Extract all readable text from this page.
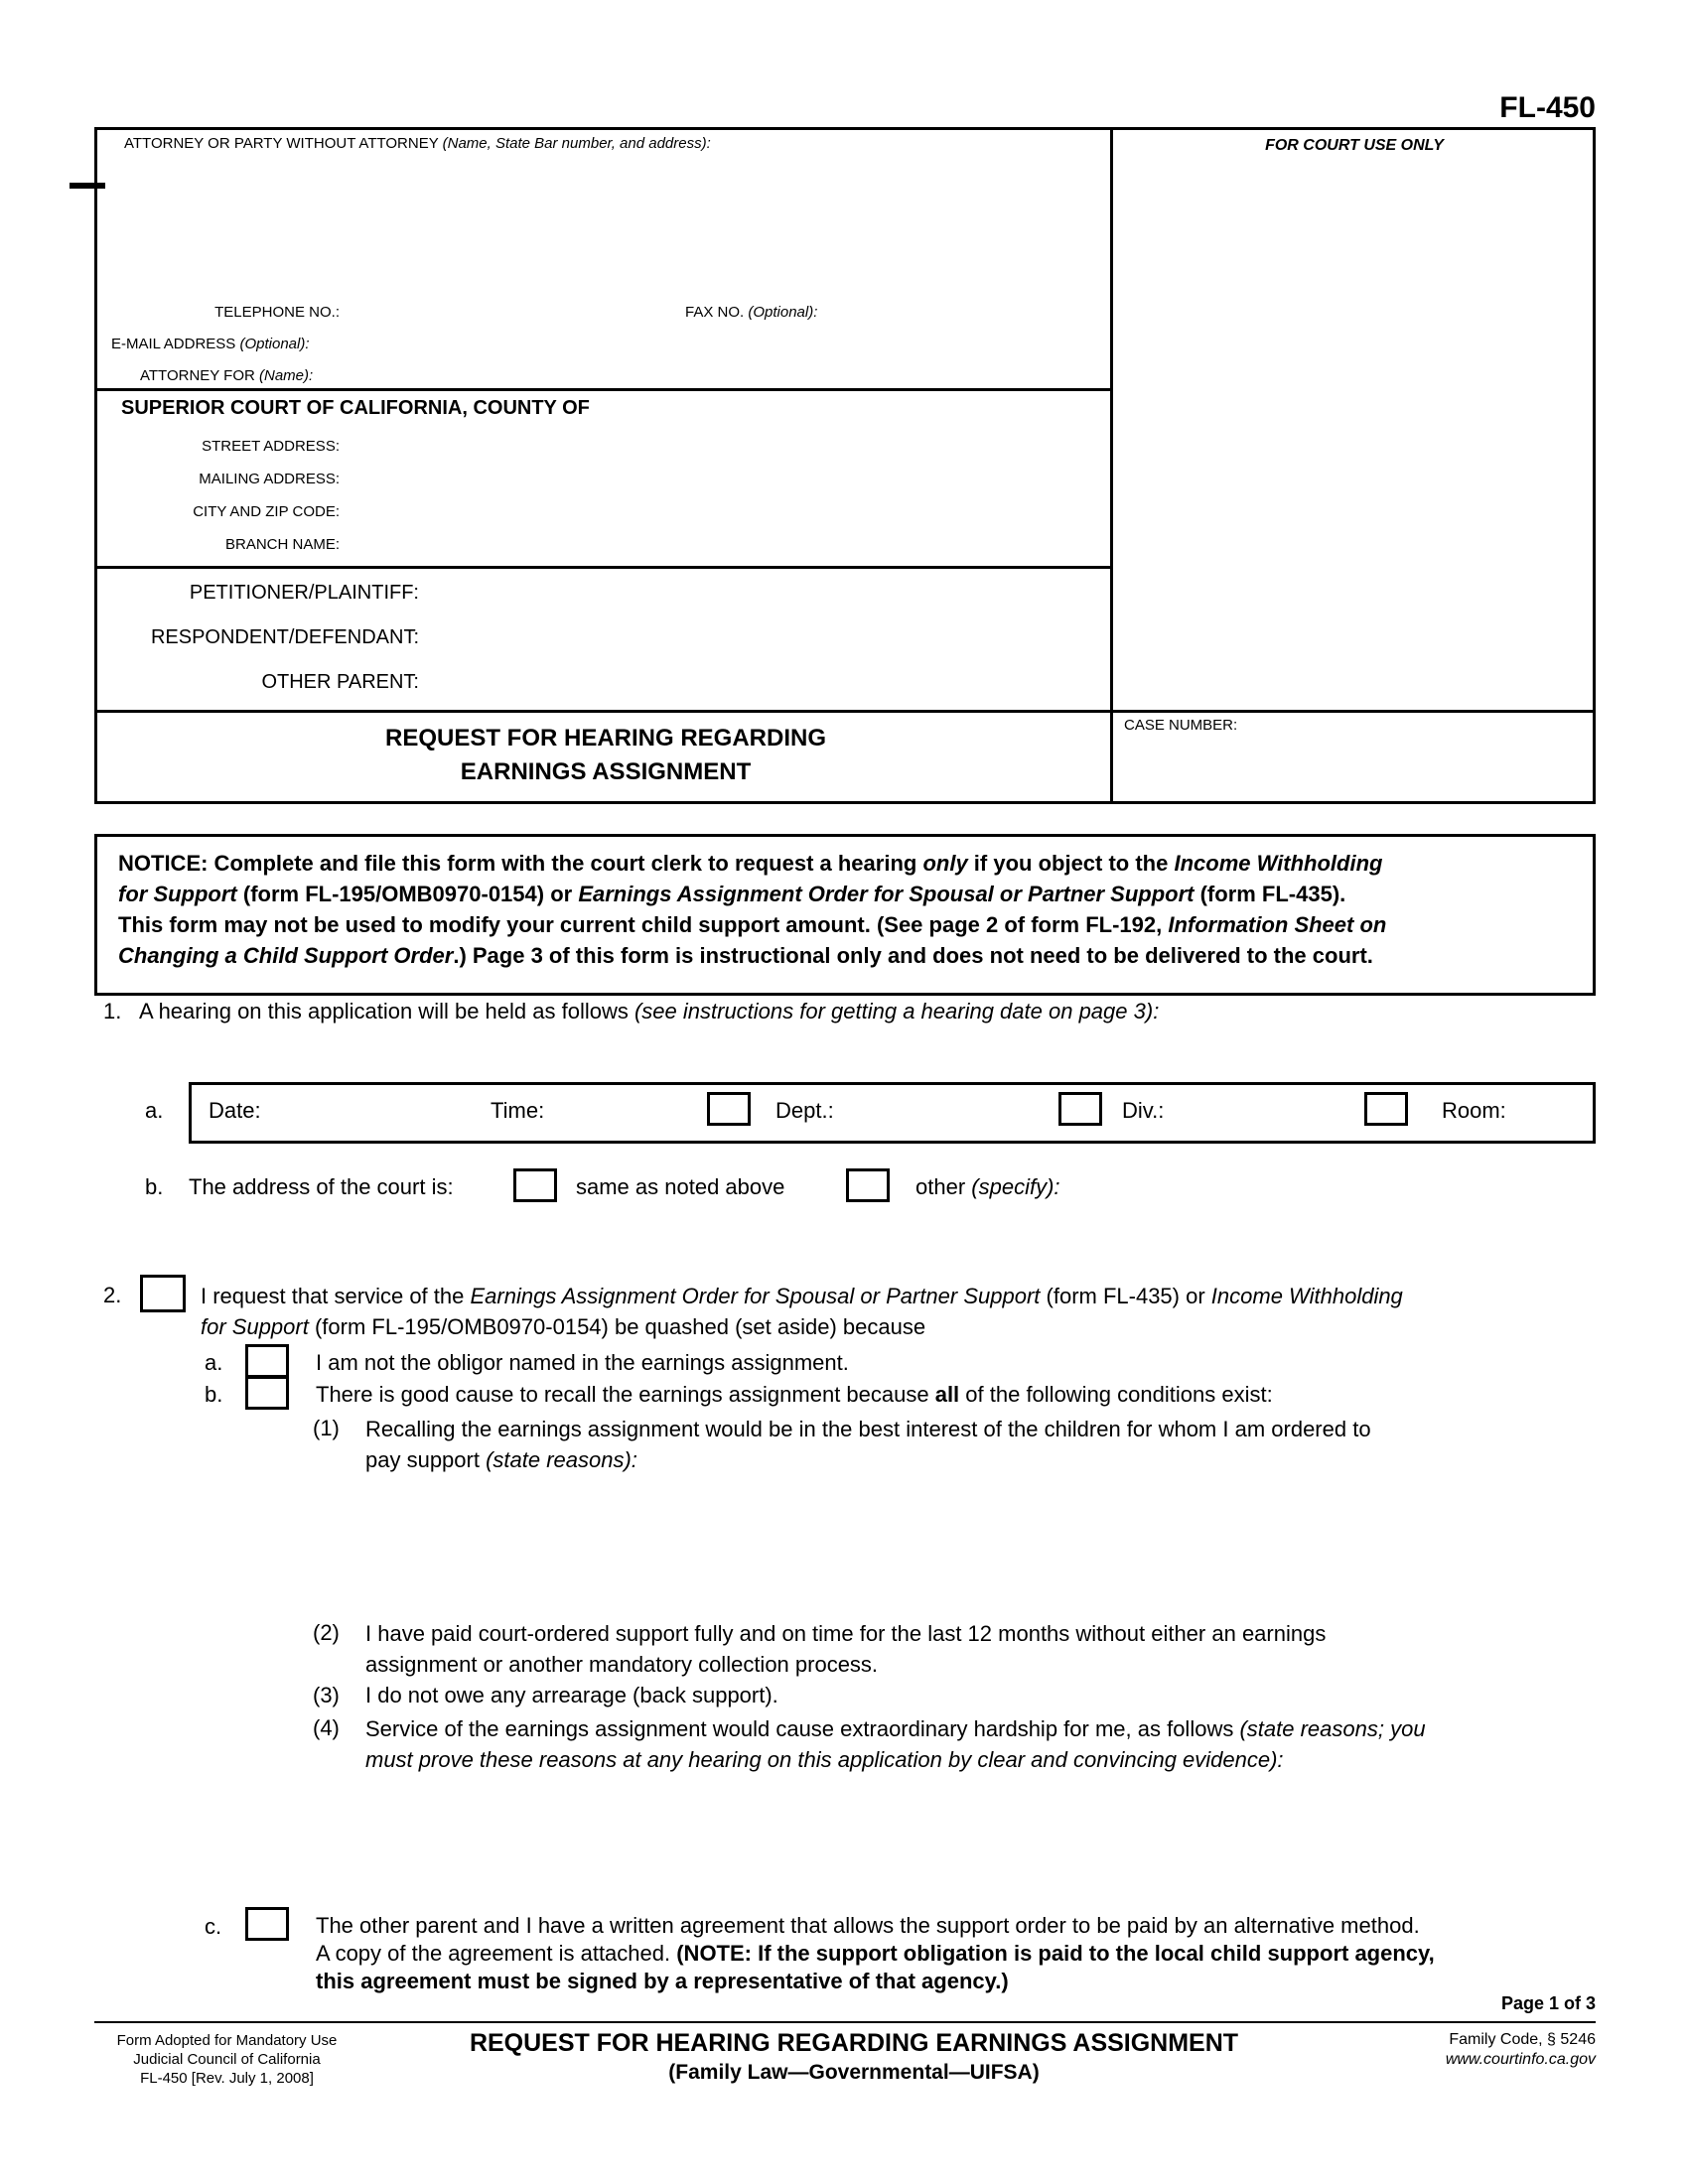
FL-450
ATTORNEY OR PARTY WITHOUT ATTORNEY (Name, State Bar number, and address):
TELEPHONE NO.:	FAX NO. (Optional):
E-MAIL ADDRESS (Optional):
ATTORNEY FOR (Name):
SUPERIOR COURT OF CALIFORNIA, COUNTY OF
STREET ADDRESS:
MAILING ADDRESS:
CITY AND ZIP CODE:
BRANCH NAME:
PETITIONER/PLAINTIFF:
RESPONDENT/DEFENDANT:
OTHER PARENT:
REQUEST FOR HEARING REGARDING
EARNINGS ASSIGNMENT
FOR COURT USE ONLY
CASE NUMBER:
NOTICE: Complete and file this form with the court clerk to request a hearing only if you object to the Income Withholding
for Support (form FL-195/OMB0970-0154) or Earnings Assignment Order for Spousal or Partner Support (form FL-435).
This form may not be used to modify your current child support amount. (See page 2 of form FL-192, Information Sheet on
Changing a Child Support Order.) Page 3 of this form is instructional only and does not need to be delivered to the court.
1. A hearing on this application will be held as follows (see instructions for getting a hearing date on page 3):
a. Date:	Time:	Dept.:	Div.:	Room:
b. The address of the court is:	same as noted above	other (specify):
2.	I request that service of the Earnings Assignment Order for Spousal or Partner Support (form FL-435) or Income Withholding
for Support (form FL-195/OMB0970-0154) be quashed (set aside) because
a.	I am not the obligor named in the earnings assignment.
b.	There is good cause to recall the earnings assignment because all of the following conditions exist:
(1) Recalling the earnings assignment would be in the best interest of the children for whom I am ordered to
pay support (state reasons):
(2) I have paid court-ordered support fully and on time for the last 12 months without either an earnings
assignment or another mandatory collection process.
(3) I do not owe any arrearage (back support).
(4) Service of the earnings assignment would cause extraordinary hardship for me, as follows (state reasons; you
must prove these reasons at any hearing on this application by clear and convincing evidence):
c.	The other parent and I have a written agreement that allows the support order to be paid by an alternative method.
A copy of the agreement is attached. (NOTE: If the support obligation is paid to the local child support agency,
this agreement must be signed by a representative of that agency.)
Page 1 of 3
Form Adopted for Mandatory Use
Judicial Council of California
FL-450 [Rev. July 1, 2008]
REQUEST FOR HEARING REGARDING EARNINGS ASSIGNMENT
(Family Law—Governmental—UIFSA)
Family Code, § 5246
www.courtinfo.ca.gov
